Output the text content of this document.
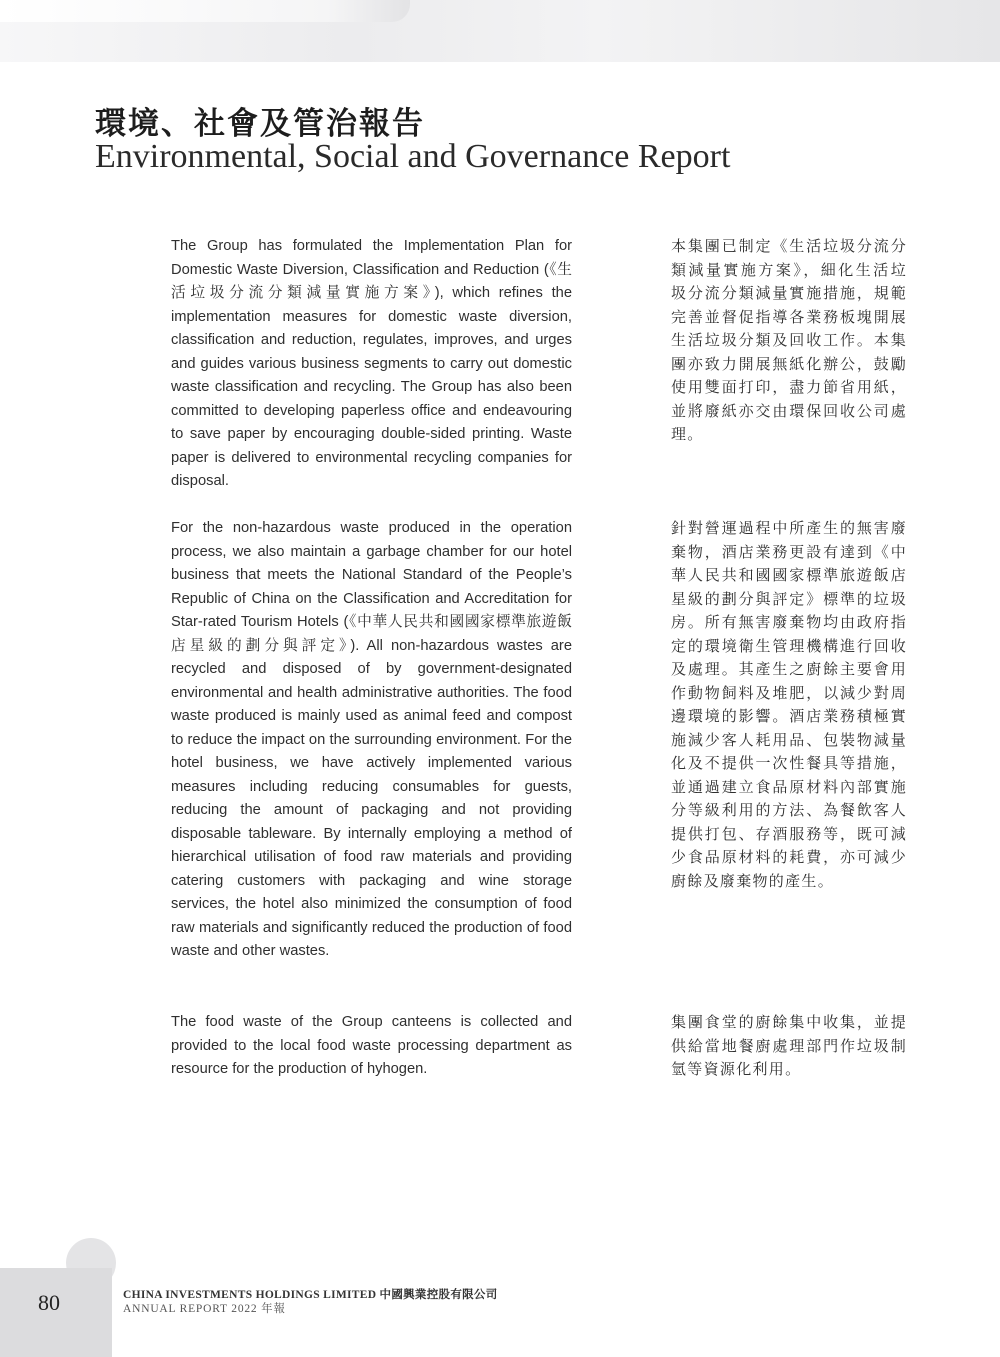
環境、社會及管治報告
Environmental, Social and Governance Report

The Group has formulated the Implementation Plan for Domestic Waste Diversion, Classification and Reduction (《生活垃圾分流分類減量實施方案》), which refines the implementation measures for domestic waste diversion, classification and reduction, regulates, improves, and urges and guides various business segments to carry out domestic waste classification and recycling. The Group has also been committed to developing paperless office and endeavouring to save paper by encouraging double-sided printing. Waste paper is delivered to environmental recycling companies for disposal.

本集團已制定《生活垃圾分流分類減量實施方案》，細化生活垃圾分流分類減量實施措施，規範完善並督促指導各業務板塊開展生活垃圾分類及回收工作。本集團亦致力開展無紙化辦公，鼓勵使用雙面打印，盡力節省用紙，並將廢紙亦交由環保回收公司處理。

For the non-hazardous waste produced in the operation process, we also maintain a garbage chamber for our hotel business that meets the National Standard of the People’s Republic of China on the Classification and Accreditation for Star-rated Tourism Hotels (《中華人民共和國國家標準旅遊飯店星級的劃分與評定》). All non-hazardous wastes are recycled and disposed of by government-designated environmental and health administrative authorities. The food waste produced is mainly used as animal feed and compost to reduce the impact on the surrounding environment. For the hotel business, we have actively implemented various measures including reducing consumables for guests, reducing the amount of packaging and not providing disposable tableware. By internally employing a method of hierarchical utilisation of food raw materials and providing catering customers with packaging and wine storage services, the hotel also minimized the consumption of food raw materials and significantly reduced the production of food waste and other wastes.

針對營運過程中所產生的無害廢棄物，酒店業務更設有達到《中華人民共和國國家標準旅遊飯店星級的劃分與評定》標準的垃圾房。所有無害廢棄物均由政府指定的環境衛生管理機構進行回收及處理。其產生之廚餘主要會用作動物飼料及堆肥，以減少對周邊環境的影響。酒店業務積極實施減少客人耗用品、包裝物減量化及不提供一次性餐具等措施，並通過建立食品原材料內部實施分等級利用的方法、為餐飲客人提供打包、存酒服務等，既可減少食品原材料的耗費，亦可減少廚餘及廢棄物的產生。

The food waste of the Group canteens is collected and provided to the local food waste processing department as resource for the production of hyhogen.

集團食堂的廚餘集中收集，並提供給當地餐廚處理部門作垃圾制氫等資源化利用。

80	CHINA INVESTMENTS HOLDINGS LIMITED 中國興業控股有限公司
ANNUAL REPORT 2022 年報
